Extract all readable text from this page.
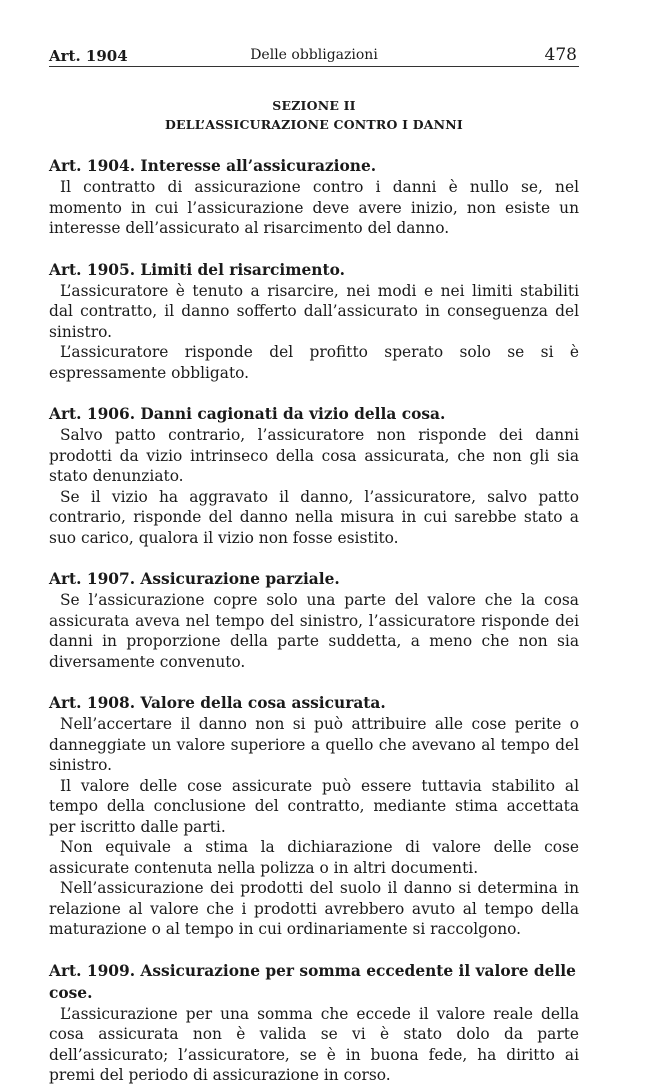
Art. 1904	Delle obbligazioni	478
SEZIONE II
DELL’ASSICURAZIONE CONTRO I DANNI
Art. 1904. Interesse all’assicurazione.

Il contratto di assicurazione contro i danni è nullo se, nel momento in cui l’assicurazione deve avere inizio, non esiste un interesse dell’assicurato al risarcimento del danno.

Art. 1905. Limiti del risarcimento.

L’assicuratore è tenuto a risarcire, nei modi e nei limiti stabiliti dal contratto, il danno sofferto dall’assicurato in conseguenza del sinistro.

L’assicuratore risponde del profitto sperato solo se si è espressamente obbligato.

Art. 1906. Danni cagionati da vizio della cosa.

Salvo patto contrario, l’assicuratore non risponde dei danni prodotti da vizio intrinseco della cosa assicurata, che non gli sia stato denunziato.

Se il vizio ha aggravato il danno, l’assicuratore, salvo patto contrario, risponde del danno nella misura in cui sarebbe stato a suo carico, qualora il vizio non fosse esistito.

Art. 1907. Assicurazione parziale.

Se l’assicurazione copre solo una parte del valore che la cosa assicurata aveva nel tempo del sinistro, l’assicuratore risponde dei danni in proporzione della parte suddetta, a meno che non sia diversamente convenuto.

Art. 1908. Valore della cosa assicurata.

Nell’accertare il danno non si può attribuire alle cose perite o danneggiate un valore superiore a quello che avevano al tempo del sinistro.

Il valore delle cose assicurate può essere tuttavia stabilito al tempo della conclusione del contratto, mediante stima accettata per iscritto dalle parti.

Non equivale a stima la dichiarazione di valore delle cose assicurate contenuta nella polizza o in altri documenti.

Nell’assicurazione dei prodotti del suolo il danno si determina in relazione al valore che i prodotti avrebbero avuto al tempo della maturazione o al tempo in cui ordinariamente si raccolgono.

Art. 1909. Assicurazione per somma eccedente il valore delle cose.

L’assicurazione per una somma che eccede il valore reale della cosa assicurata non è valida se vi è stato dolo da parte dell’assicurato; l’assicuratore, se è in buona fede, ha diritto ai premi del periodo di assicurazione in corso.
